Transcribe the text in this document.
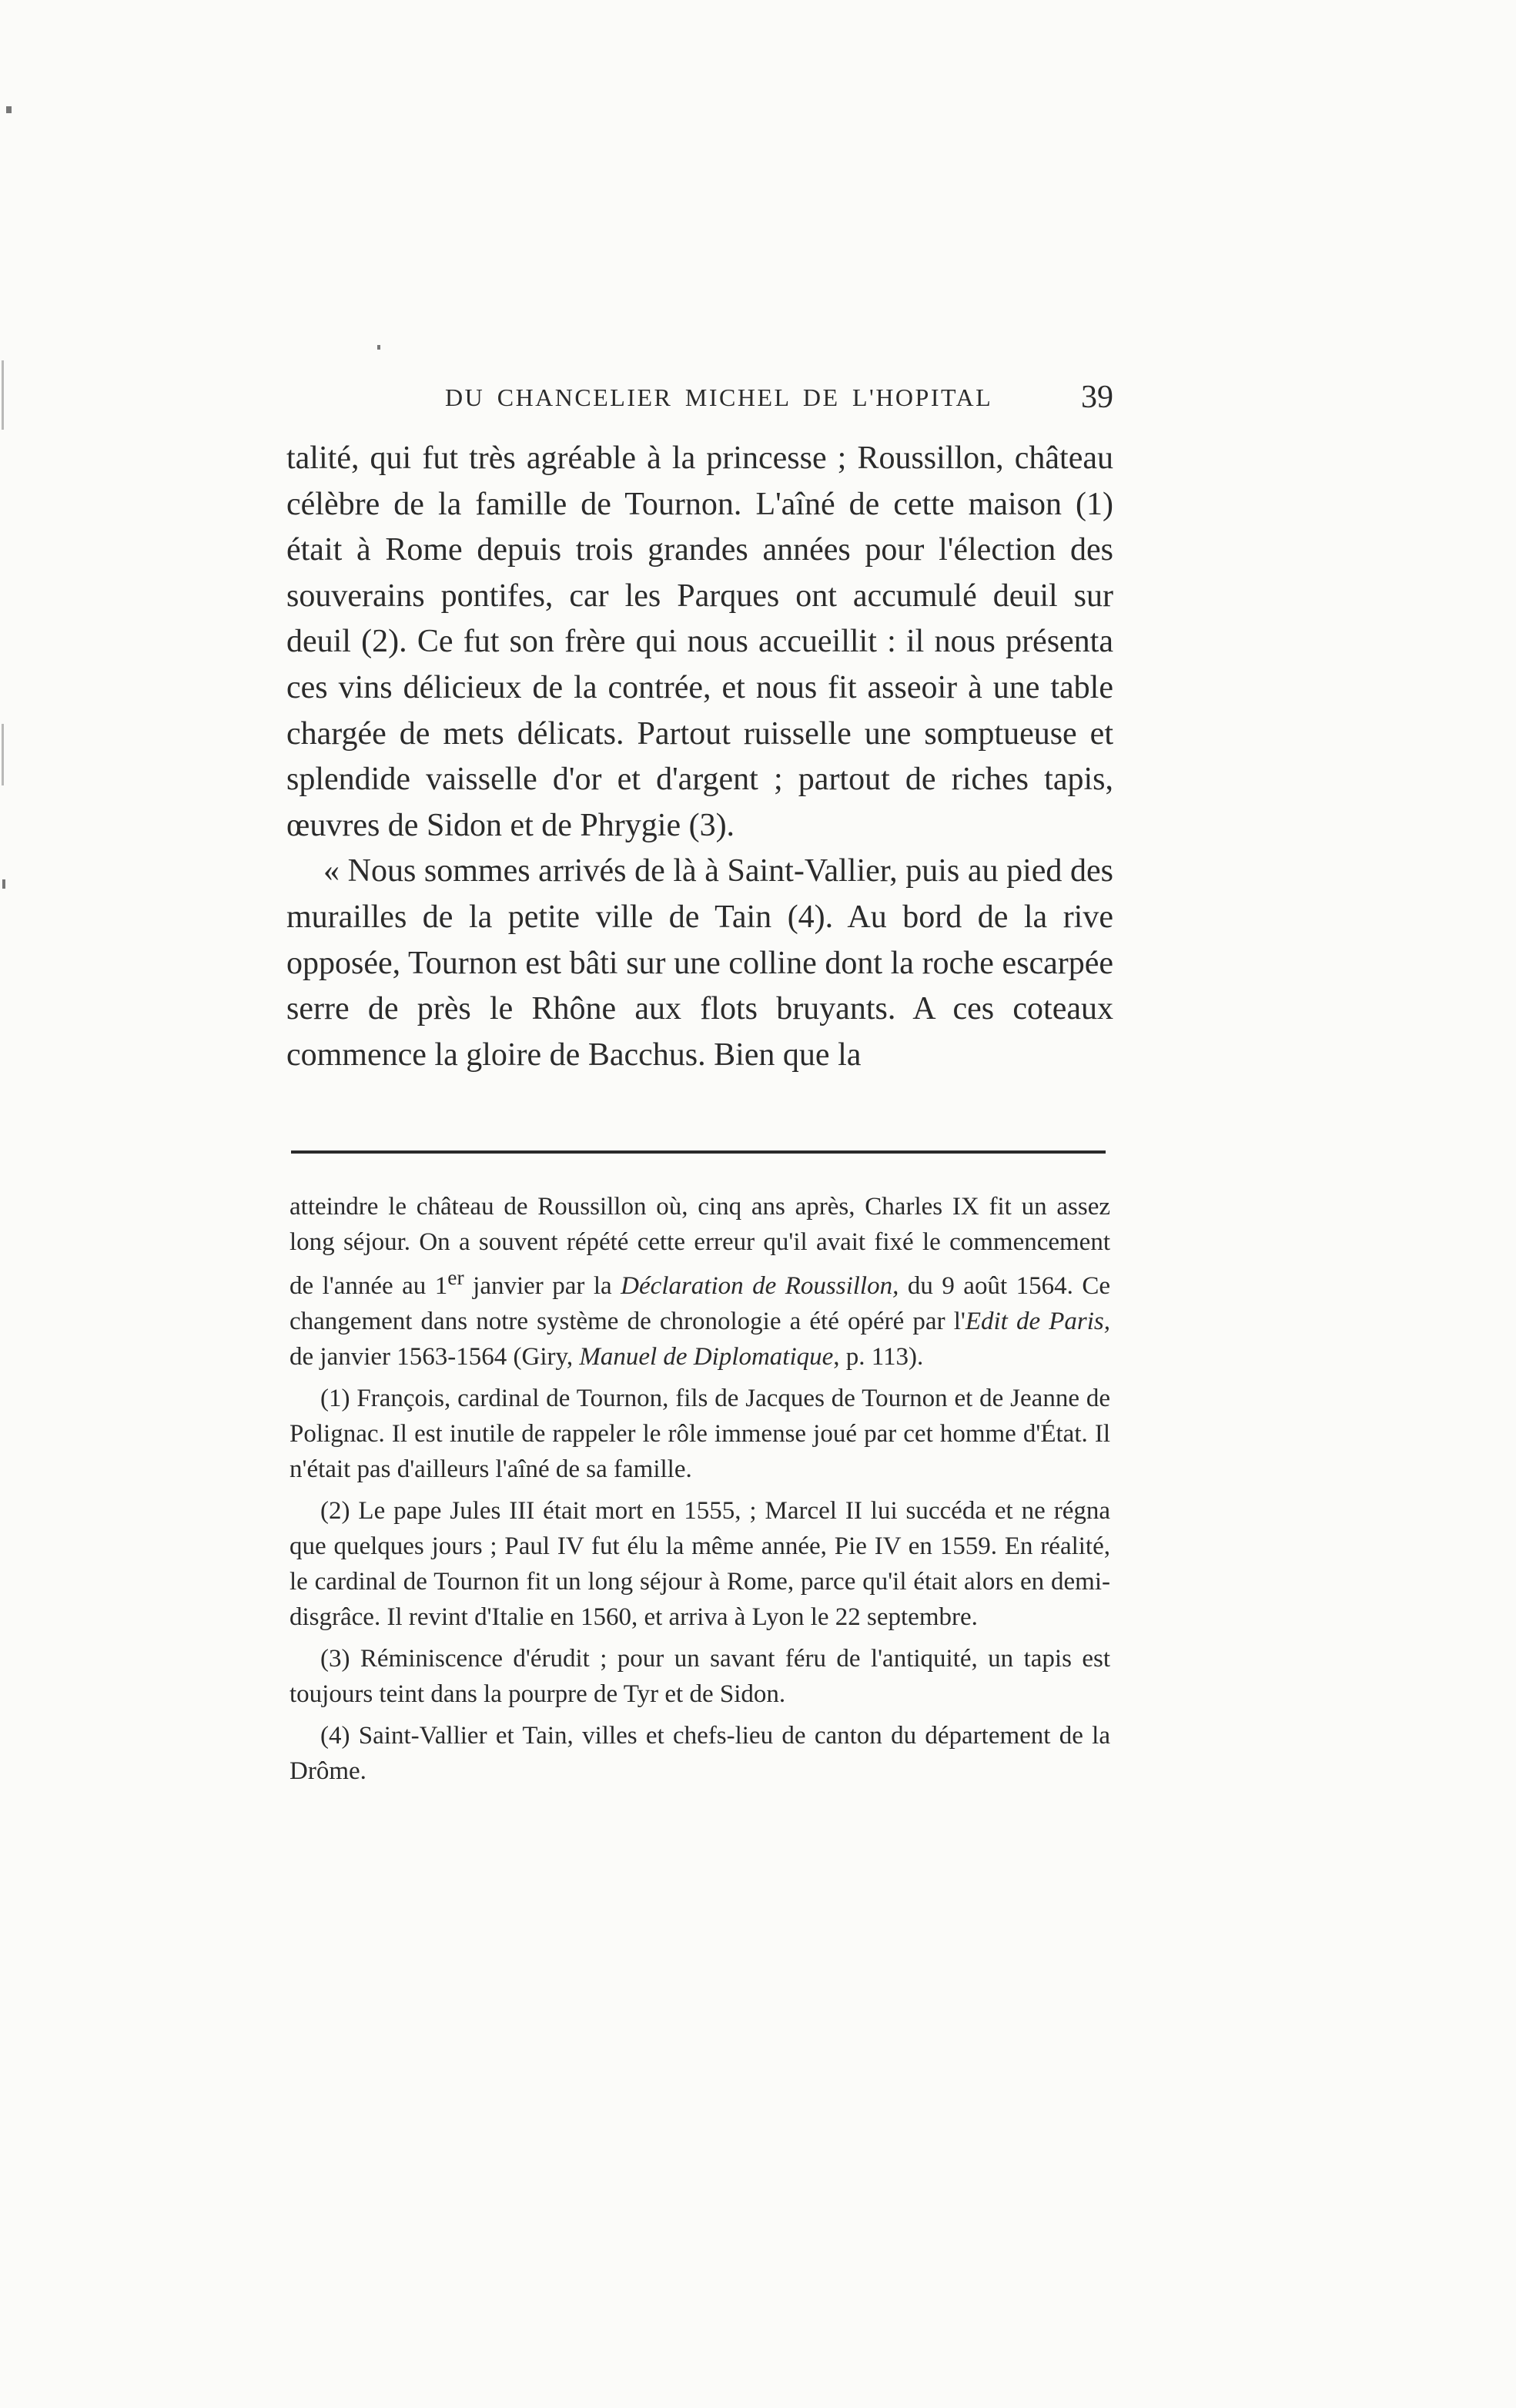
DU CHANCELIER MICHEL DE L'HOPITAL	39

talité, qui fut très agréable à la princesse ; Roussillon, château célèbre de la famille de Tournon. L'aîné de cette maison (1) était à Rome depuis trois grandes années pour l'élection des souverains pontifes, car les Parques ont accumulé deuil sur deuil (2). Ce fut son frère qui nous accueillit : il nous présenta ces vins délicieux de la contrée, et nous fit asseoir à une table chargée de mets délicats. Partout ruisselle une somptueuse et splendide vaisselle d'or et d'argent ; partout de riches tapis, œuvres de Sidon et de Phrygie (3).

« Nous sommes arrivés de là à Saint-Vallier, puis au pied des murailles de la petite ville de Tain (4). Au bord de la rive opposée, Tournon est bâti sur une colline dont la roche escarpée serre de près le Rhône aux flots bruyants. A ces coteaux commence la gloire de Bacchus. Bien que la

atteindre le château de Roussillon où, cinq ans après, Charles IX fit un assez long séjour. On a souvent répété cette erreur qu'il avait fixé le commencement de l'année au 1er janvier par la Déclaration de Roussillon, du 9 août 1564. Ce changement dans notre système de chronologie a été opéré par l'Edit de Paris, de janvier 1563-1564 (Giry, Manuel de Diplomatique, p. 113).

(1) François, cardinal de Tournon, fils de Jacques de Tournon et de Jeanne de Polignac. Il est inutile de rappeler le rôle immense joué par cet homme d'État. Il n'était pas d'ailleurs l'aîné de sa famille.

(2) Le pape Jules III était mort en 1555, ; Marcel II lui succéda et ne régna que quelques jours ; Paul IV fut élu la même année, Pie IV en 1559. En réalité, le cardinal de Tournon fit un long séjour à Rome, parce qu'il était alors en demi-disgrâce. Il revint d'Italie en 1560, et arriva à Lyon le 22 septembre.

(3) Réminiscence d'érudit ; pour un savant féru de l'antiquité, un tapis est toujours teint dans la pourpre de Tyr et de Sidon.

(4) Saint-Vallier et Tain, villes et chefs-lieu de canton du département de la Drôme.
